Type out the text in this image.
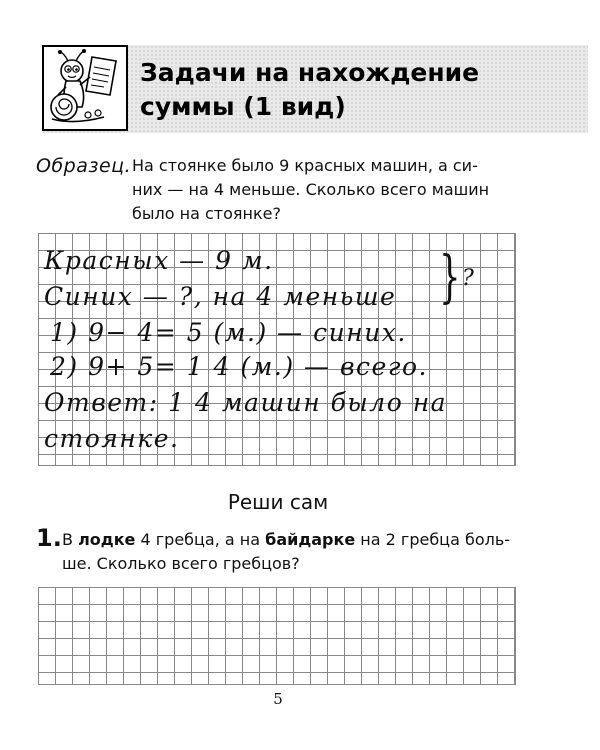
Задачи на нахождение
суммы (1 вид)
Образец. На стоянке было 9 красных машин, а си-
них — на 4 меньше. Сколько всего машин
было на стоянке?
Красных — 9 м.
Синих — ?, на 4 меньше
1) 9− 4= 5 (м.) — синих.
2) 9+ 5= 1 4 (м.) — всего.
Ответ: 1 4 машин было на
стоянке.
} ?
Реши сам
1. В лодке 4 гребца, а на байдарке на 2 гребца боль-
ше. Сколько всего гребцов?
5
